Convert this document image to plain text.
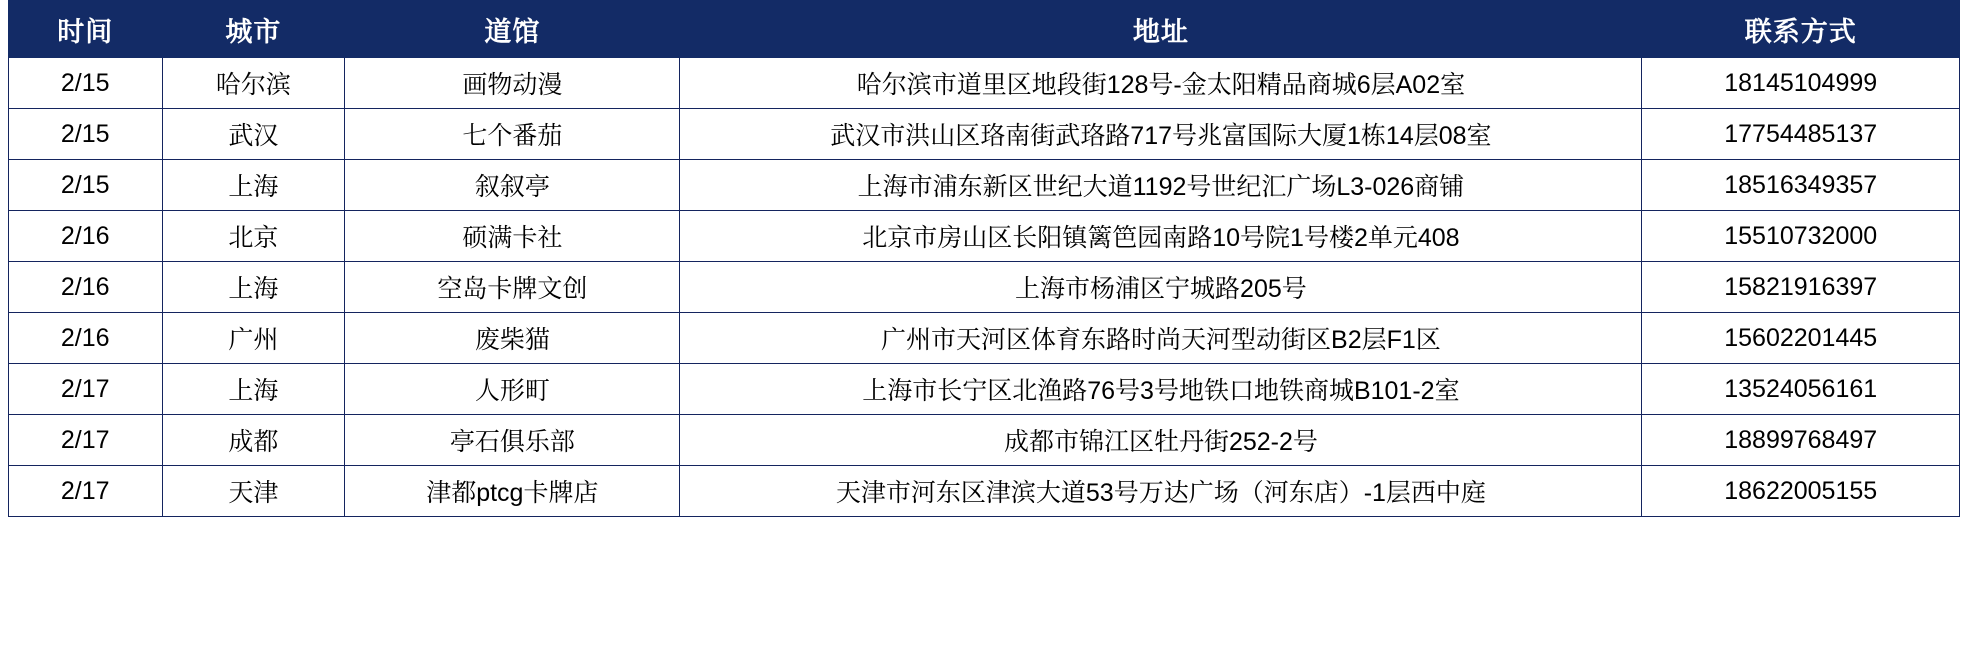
时间	城市	道馆	地址	联系方式
2/15	哈尔滨	画物动漫	哈尔滨市道里区地段街128号-金太阳精品商城6层A02室	18145104999
2/15	武汉	七个番茄	武汉市洪山区珞南街武珞路717号兆富国际大厦1栋14层08室	17754485137
2/15	上海	叙叙亭	上海市浦东新区世纪大道1192号世纪汇广场L3-026商铺	18516349357
2/16	北京	硕满卡社	北京市房山区长阳镇篱笆园南路10号院1号楼2单元408	15510732000
2/16	上海	空岛卡牌文创	上海市杨浦区宁城路205号	15821916397
2/16	广州	废柴猫	广州市天河区体育东路时尚天河型动街区B2层F1区	15602201445
2/17	上海	人形町	上海市长宁区北渔路76号3号地铁口地铁商城B101-2室	13524056161
2/17	成都	亭石俱乐部	成都市锦江区牡丹街252-2号	18899768497
2/17	天津	津都ptcg卡牌店	天津市河东区津滨大道53号万达广场（河东店）-1层西中庭	18622005155
